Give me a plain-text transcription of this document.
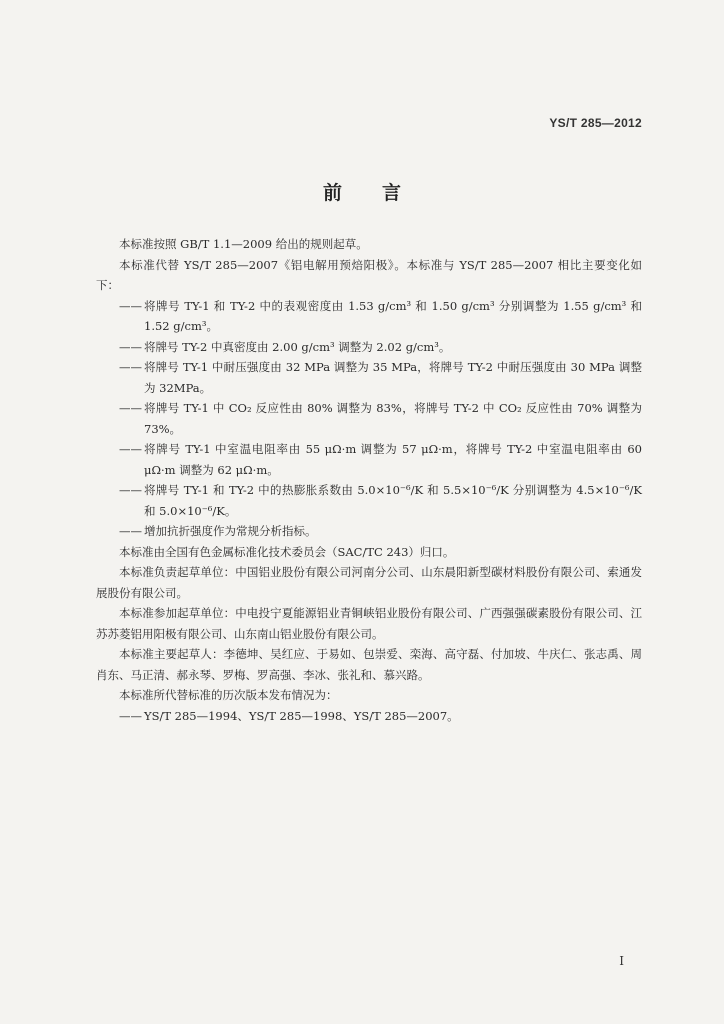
YS/T 285—2012
前言

本标准按照 GB/T 1.1—2009 给出的规则起草。

本标准代替 YS/T 285—2007《铝电解用预焙阳极》。本标准与 YS/T 285—2007 相比主要变化如下：

—— 将牌号 TY-1 和 TY-2 中的表观密度由 1.53 g/cm³ 和 1.50 g/cm³ 分别调整为 1.55 g/cm³ 和 1.52 g/cm³。

—— 将牌号 TY-2 中真密度由 2.00 g/cm³ 调整为 2.02 g/cm³。

—— 将牌号 TY-1 中耐压强度由 32 MPa 调整为 35 MPa，将牌号 TY-2 中耐压强度由 30 MPa 调整为 32MPa。

—— 将牌号 TY-1 中 CO₂ 反应性由 80% 调整为 83%，将牌号 TY-2 中 CO₂ 反应性由 70% 调整为 73%。

—— 将牌号 TY-1 中室温电阻率由 55 μΩ·m 调整为 57 μΩ·m，将牌号 TY-2 中室温电阻率由 60 μΩ·m 调整为 62 μΩ·m。

—— 将牌号 TY-1 和 TY-2 中的热膨胀系数由 5.0×10⁻⁶/K 和 5.5×10⁻⁶/K 分别调整为 4.5×10⁻⁶/K 和 5.0×10⁻⁶/K。

—— 增加抗折强度作为常规分析指标。

本标准由全国有色金属标准化技术委员会（SAC/TC 243）归口。

本标准负责起草单位：中国铝业股份有限公司河南分公司、山东晨阳新型碳材料股份有限公司、索通发展股份有限公司。

本标准参加起草单位：中电投宁夏能源铝业青铜峡铝业股份有限公司、广西强强碳素股份有限公司、江苏苏菱铝用阳极有限公司、山东南山铝业股份有限公司。

本标准主要起草人：李德坤、吴红应、于易如、包崇爱、栾海、高守磊、付加坡、牛庆仁、张志禹、周肖东、马正清、郝永琴、罗梅、罗高强、李冰、张礼和、慕兴路。

本标准所代替标准的历次版本发布情况为：

—— YS/T 285—1994、YS/T 285—1998、YS/T 285—2007。

I
